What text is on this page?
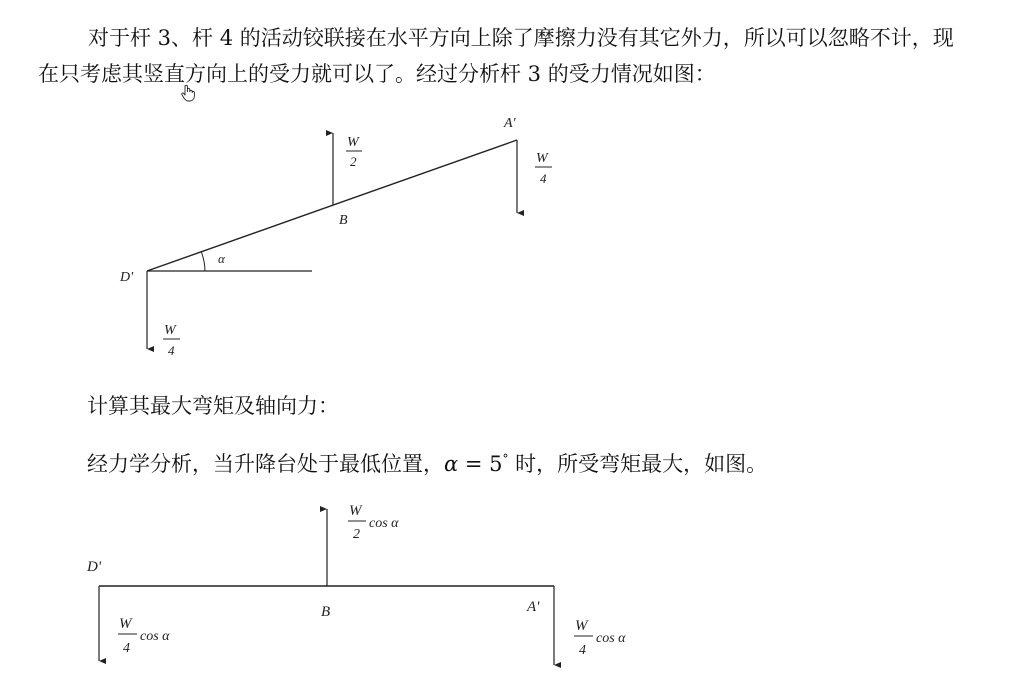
对于杆 3、杆 4 的活动铰联接在水平方向上除了摩擦力没有其它外力，所以可以忽略不计，现在只考虑其竖直方向上的受力就可以了。经过分析杆 3 的受力情况如图：

α
A'
B
D'
W
2	W
4
W
4

计算其最大弯矩及轴向力：

经力学分析，当升降台处于最低位置，α = 5° 时，所受弯矩最大，如图。

D'
B	A'
W
2
cos α
W
4
cos α
W
4
cos α
